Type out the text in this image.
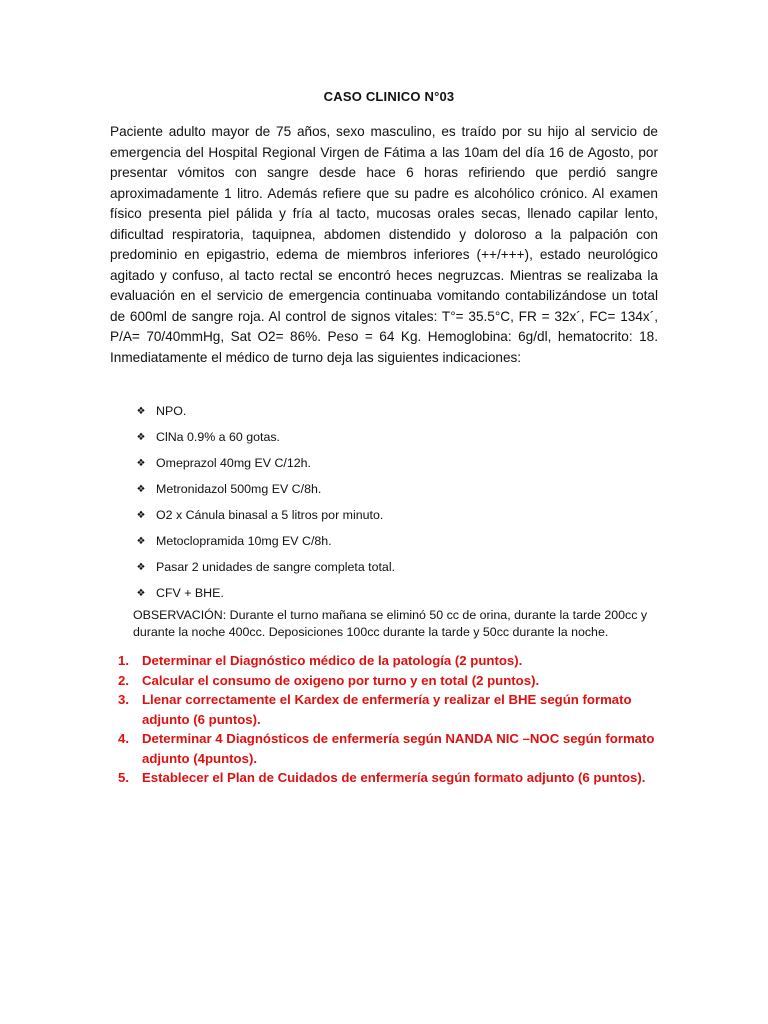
CASO CLINICO N°03

Paciente adulto mayor de 75 años, sexo masculino, es traído por su hijo al servicio de emergencia del Hospital Regional Virgen de Fátima a las 10am del día 16 de Agosto, por presentar vómitos con sangre desde hace 6 horas refiriendo que perdió sangre aproximadamente 1 litro. Además refiere que su padre es alcohólico crónico. Al examen físico presenta piel pálida y fría al tacto, mucosas orales secas, llenado capilar lento, dificultad respiratoria, taquipnea, abdomen distendido y doloroso a la palpación con predominio en epigastrio, edema de miembros inferiores (++/+++), estado neurológico agitado y confuso, al tacto rectal se encontró heces negruzcas. Mientras se realizaba la evaluación en el servicio de emergencia continuaba vomitando contabilizándose un total de 600ml de sangre roja. Al control de signos vitales: T°= 35.5°C, FR = 32x´, FC= 134x´, P/A= 70/40mmHg, Sat O2= 86%. Peso = 64 Kg. Hemoglobina: 6g/dl, hematocrito: 18. Inmediatamente el médico de turno deja las siguientes indicaciones:

❖ NPO.
❖ ClNa 0.9% a 60 gotas.
❖ Omeprazol 40mg EV C/12h.
❖ Metronidazol 500mg EV C/8h.
❖ O2 x Cánula binasal a 5 litros por minuto.
❖ Metoclopramida 10mg EV C/8h.
❖ Pasar 2 unidades de sangre completa total.
❖ CFV + BHE.

OBSERVACIÓN: Durante el turno mañana se eliminó 50 cc de orina, durante la tarde 200cc y durante la noche 400cc. Deposiciones 100cc durante la tarde y 50cc durante la noche.

1. Determinar el Diagnóstico médico de la patología (2 puntos).
2. Calcular el consumo de oxigeno por turno y en total (2 puntos).
3. Llenar correctamente el Kardex de enfermería y realizar el BHE según formato adjunto (6 puntos).
4. Determinar 4 Diagnósticos de enfermería según NANDA NIC –NOC según formato adjunto (4puntos).
5. Establecer el Plan de Cuidados de enfermería según formato adjunto (6 puntos).
